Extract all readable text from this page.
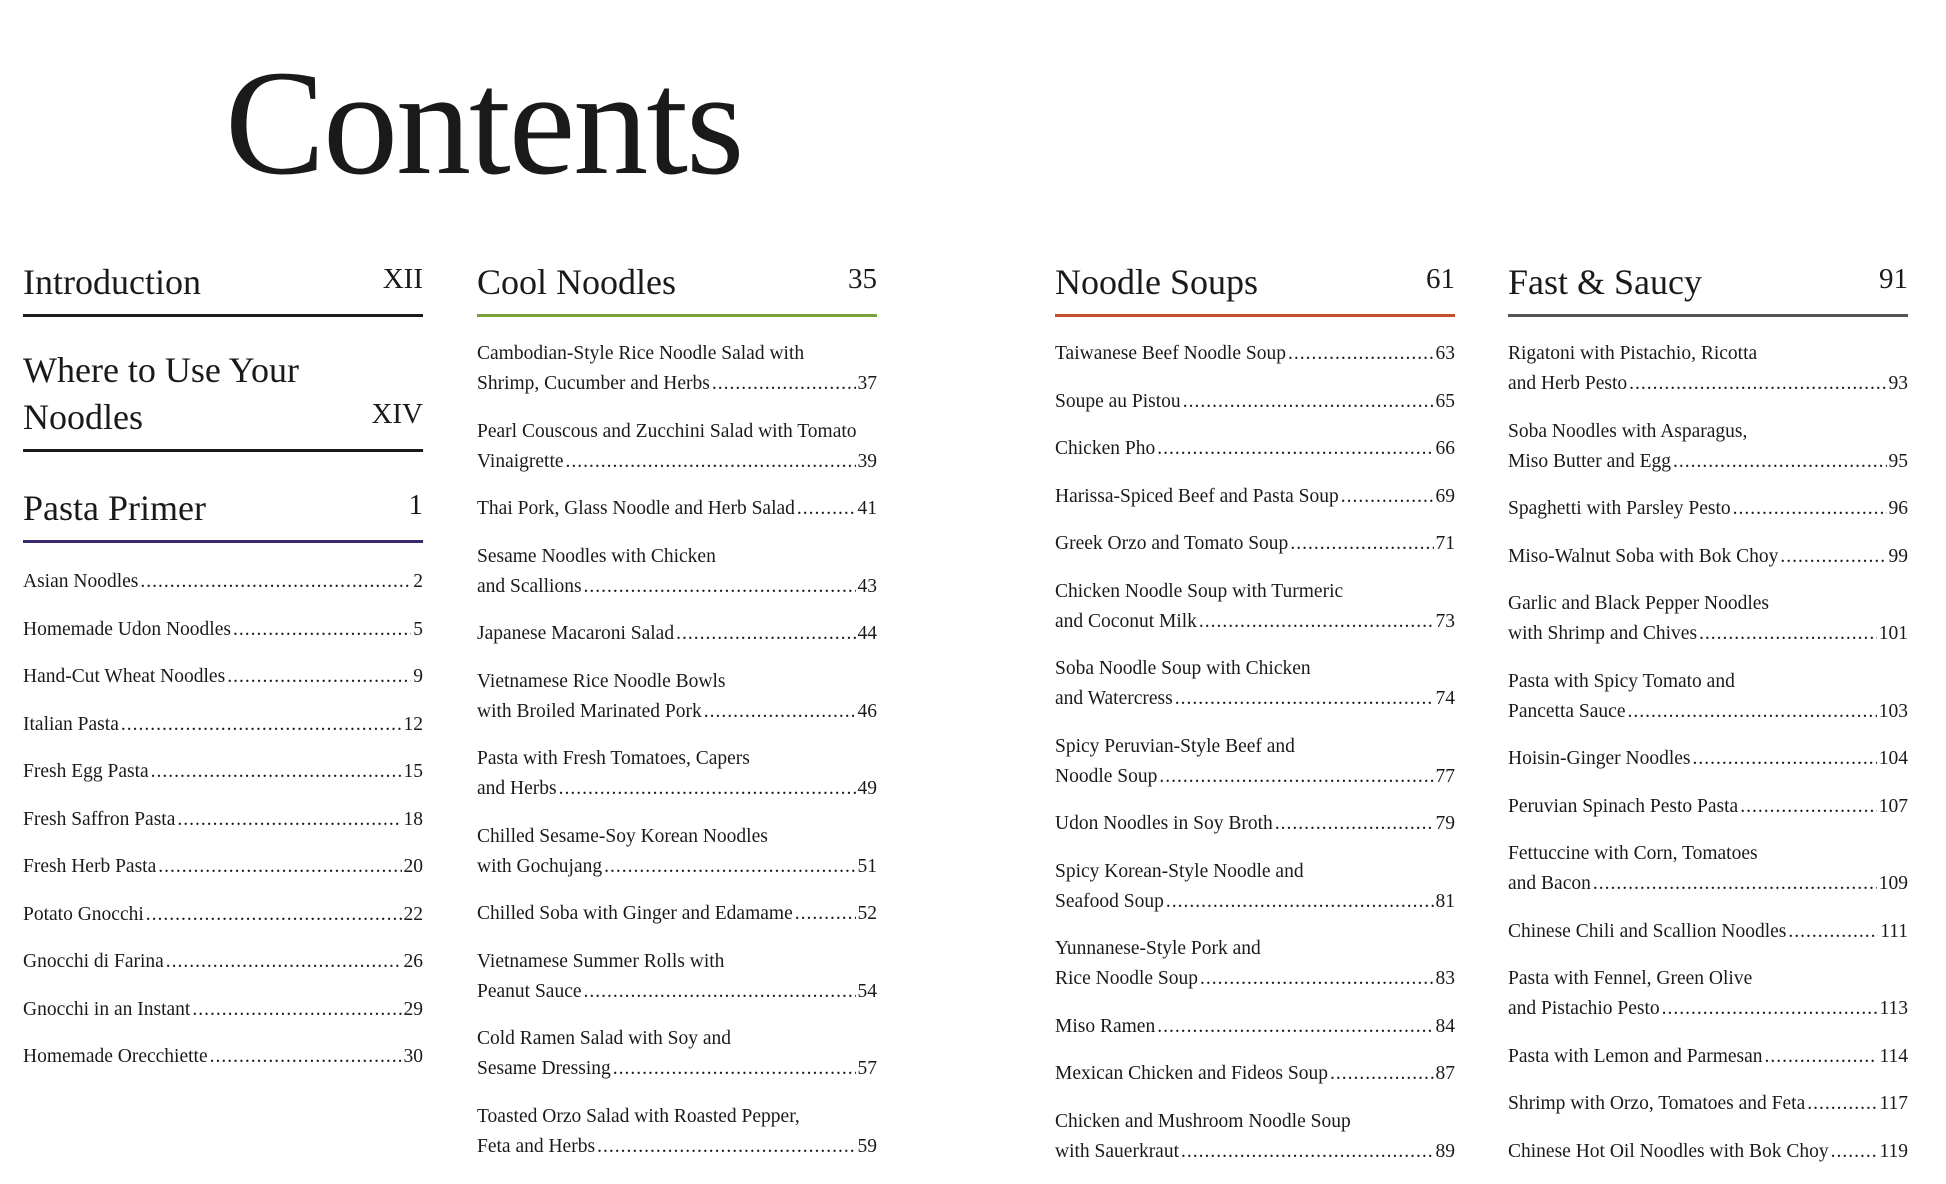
Contents
Introduction	XII
Where to Use Your
Noodles	XIV
Pasta Primer	1
Asian Noodles .....	2
Homemade Udon Noodles .....	5
Hand-Cut Wheat Noodles .....	9
Italian Pasta .....	12
Fresh Egg Pasta .....	15
Fresh Saffron Pasta .....	18
Fresh Herb Pasta .....	20
Potato Gnocchi .....	22
Gnocchi di Farina .....	26
Gnocchi in an Instant .....	29
Homemade Orecchiette .....	30
Cool Noodles	35
Cambodian-Style Rice Noodle Salad with
Shrimp, Cucumber and Herbs .....	37
Pearl Couscous and Zucchini Salad with Tomato
Vinaigrette .....	39
Thai Pork, Glass Noodle and Herb Salad .....	41
Sesame Noodles with Chicken
and Scallions .....	43
Japanese Macaroni Salad .....	44
Vietnamese Rice Noodle Bowls
with Broiled Marinated Pork .....	46
Pasta with Fresh Tomatoes, Capers
and Herbs .....	49
Chilled Sesame-Soy Korean Noodles
with Gochujang .....	51
Chilled Soba with Ginger and Edamame .....	52
Vietnamese Summer Rolls with
Peanut Sauce .....	54
Cold Ramen Salad with Soy and
Sesame Dressing .....	57
Toasted Orzo Salad with Roasted Pepper,
Feta and Herbs .....	59
Noodle Soups	61
Taiwanese Beef Noodle Soup .....	63
Soupe au Pistou .....	65
Chicken Pho .....	66
Harissa-Spiced Beef and Pasta Soup .....	69
Greek Orzo and Tomato Soup .....	71
Chicken Noodle Soup with Turmeric
and Coconut Milk .....	73
Soba Noodle Soup with Chicken
and Watercress .....	74
Spicy Peruvian-Style Beef and
Noodle Soup .....	77
Udon Noodles in Soy Broth .....	79
Spicy Korean-Style Noodle and
Seafood Soup .....	81
Yunnanese-Style Pork and
Rice Noodle Soup .....	83
Miso Ramen .....	84
Mexican Chicken and Fideos Soup .....	87
Chicken and Mushroom Noodle Soup
with Sauerkraut .....	89
Fast & Saucy	91
Rigatoni with Pistachio, Ricotta
and Herb Pesto .....	93
Soba Noodles with Asparagus,
Miso Butter and Egg .....	95
Spaghetti with Parsley Pesto .....	96
Miso-Walnut Soba with Bok Choy .....	99
Garlic and Black Pepper Noodles
with Shrimp and Chives .....	101
Pasta with Spicy Tomato and
Pancetta Sauce .....	103
Hoisin-Ginger Noodles .....	104
Peruvian Spinach Pesto Pasta .....	107
Fettuccine with Corn, Tomatoes
and Bacon .....	109
Chinese Chili and Scallion Noodles .....	111
Pasta with Fennel, Green Olive
and Pistachio Pesto .....	113
Pasta with Lemon and Parmesan .....	114
Shrimp with Orzo, Tomatoes and Feta .....	117
Chinese Hot Oil Noodles with Bok Choy .....	119
